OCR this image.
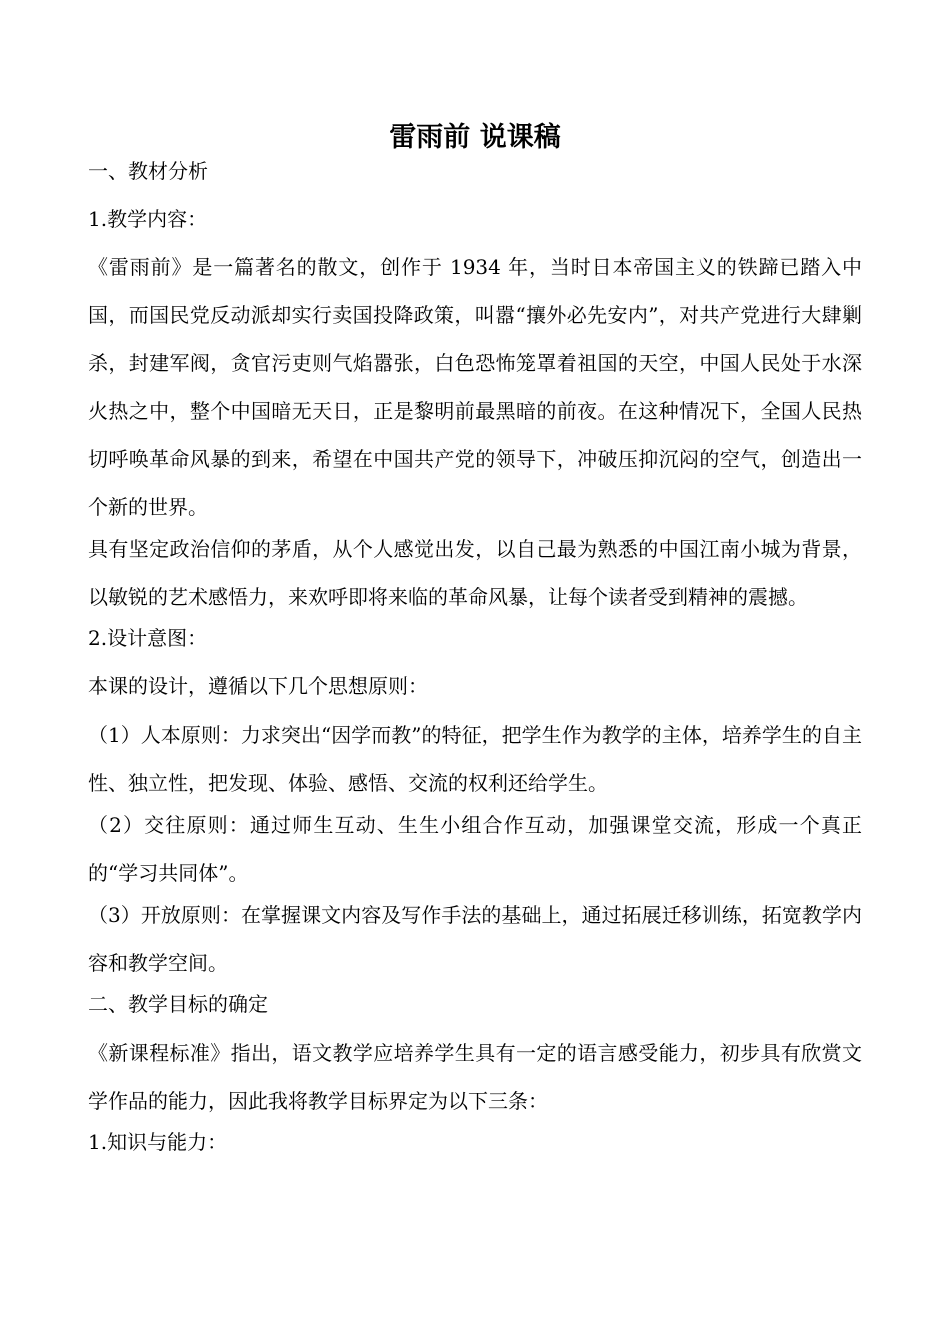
雷雨前 说课稿

一、教材分析

1.教学内容：

《雷雨前》是一篇著名的散文，创作于 1934 年，当时日本帝国主义的铁蹄已踏入中国，而国民党反动派却实行卖国投降政策，叫嚣“攘外必先安内”，对共产党进行大肆剿杀，封建军阀，贪官污吏则气焰嚣张，白色恐怖笼罩着祖国的天空，中国人民处于水深火热之中，整个中国暗无天日，正是黎明前最黑暗的前夜。在这种情况下，全国人民热切呼唤革命风暴的到来，希望在中国共产党的领导下，冲破压抑沉闷的空气，创造出一个新的世界。

具有坚定政治信仰的茅盾，从个人感觉出发，以自己最为熟悉的中国江南小城为背景，以敏锐的艺术感悟力，来欢呼即将来临的革命风暴，让每个读者受到精神的震撼。

2.设计意图：

本课的设计，遵循以下几个思想原则：

（1）人本原则：力求突出“因学而教”的特征，把学生作为教学的主体，培养学生的自主性、独立性，把发现、体验、感悟、交流的权利还给学生。

（2）交往原则：通过师生互动、生生小组合作互动，加强课堂交流，形成一个真正的“学习共同体”。

（3）开放原则：在掌握课文内容及写作手法的基础上，通过拓展迁移训练，拓宽教学内容和教学空间。

二、教学目标的确定

《新课程标准》指出，语文教学应培养学生具有一定的语言感受能力，初步具有欣赏文学作品的能力，因此我将教学目标界定为以下三条：

1.知识与能力：
